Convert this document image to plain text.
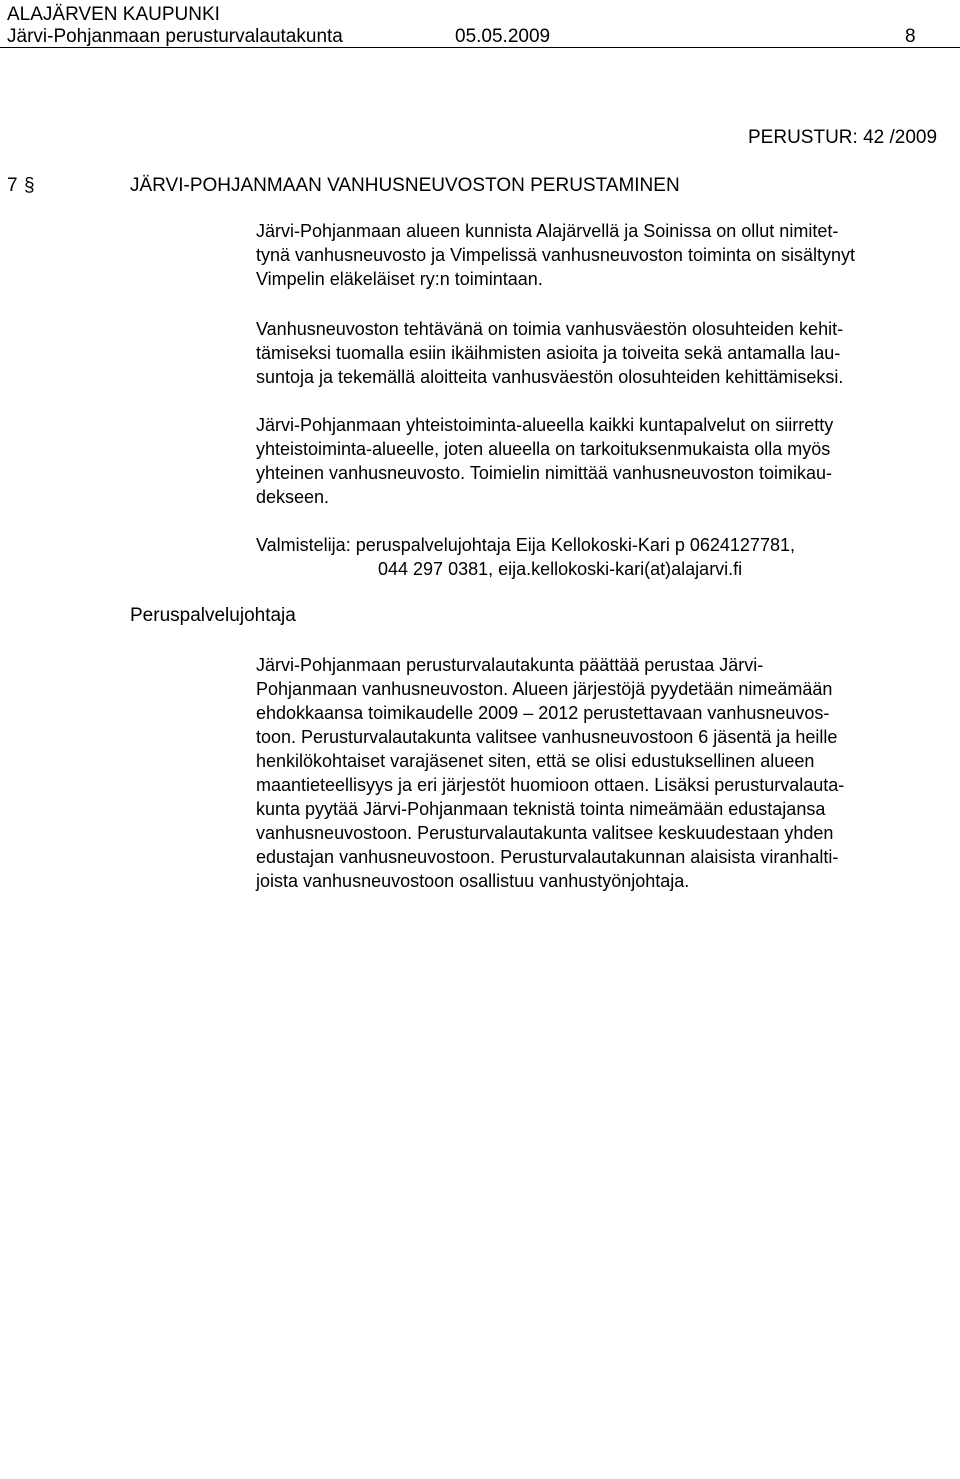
ALAJÄRVEN KAUPUNKI
Järvi-Pohjanmaan perusturvalautakunta	05.05.2009	8
PERUSTUR: 42 /2009
7 §	JÄRVI-POHJANMAAN VANHUSNEUVOSTON PERUSTAMINEN
Järvi-Pohjanmaan alueen kunnista Alajärvellä ja Soinissa on ollut nimitet-
tynä vanhusneuvosto ja Vimpelissä vanhusneuvoston toiminta on sisältynyt
Vimpelin eläkeläiset ry:n toimintaan.
Vanhusneuvoston tehtävänä on toimia vanhusväestön olosuhteiden kehit-
tämiseksi tuomalla esiin ikäihmisten asioita ja toiveita sekä antamalla lau-
suntoja ja tekemällä aloitteita vanhusväestön olosuhteiden kehittämiseksi.
Järvi-Pohjanmaan yhteistoiminta-alueella kaikki kuntapalvelut on siirretty
yhteistoiminta-alueelle, joten alueella on tarkoituksenmukaista olla myös
yhteinen vanhusneuvosto. Toimielin nimittää vanhusneuvoston toimikau-
dekseen.
Valmistelija: peruspalvelujohtaja Eija Kellokoski-Kari p 0624127781,
044 297 0381, eija.kellokoski-kari(at)alajarvi.fi
Peruspalvelujohtaja
Järvi-Pohjanmaan perusturvalautakunta päättää perustaa Järvi-
Pohjanmaan vanhusneuvoston. Alueen järjestöjä pyydetään nimeämään
ehdokkaansa toimikaudelle 2009 – 2012 perustettavaan vanhusneuvos-
toon. Perusturvalautakunta valitsee vanhusneuvostoon 6 jäsentä ja heille
henkilökohtaiset varajäsenet siten, että se olisi edustuksellinen alueen
maantieteellisyys ja eri järjestöt huomioon ottaen. Lisäksi perusturvalauta-
kunta pyytää Järvi-Pohjanmaan teknistä tointa nimeämään edustajansa
vanhusneuvostoon. Perusturvalautakunta valitsee keskuudestaan yhden
edustajan vanhusneuvostoon. Perusturvalautakunnan alaisista viranhalti-
joista vanhusneuvostoon osallistuu vanhustyönjohtaja.
